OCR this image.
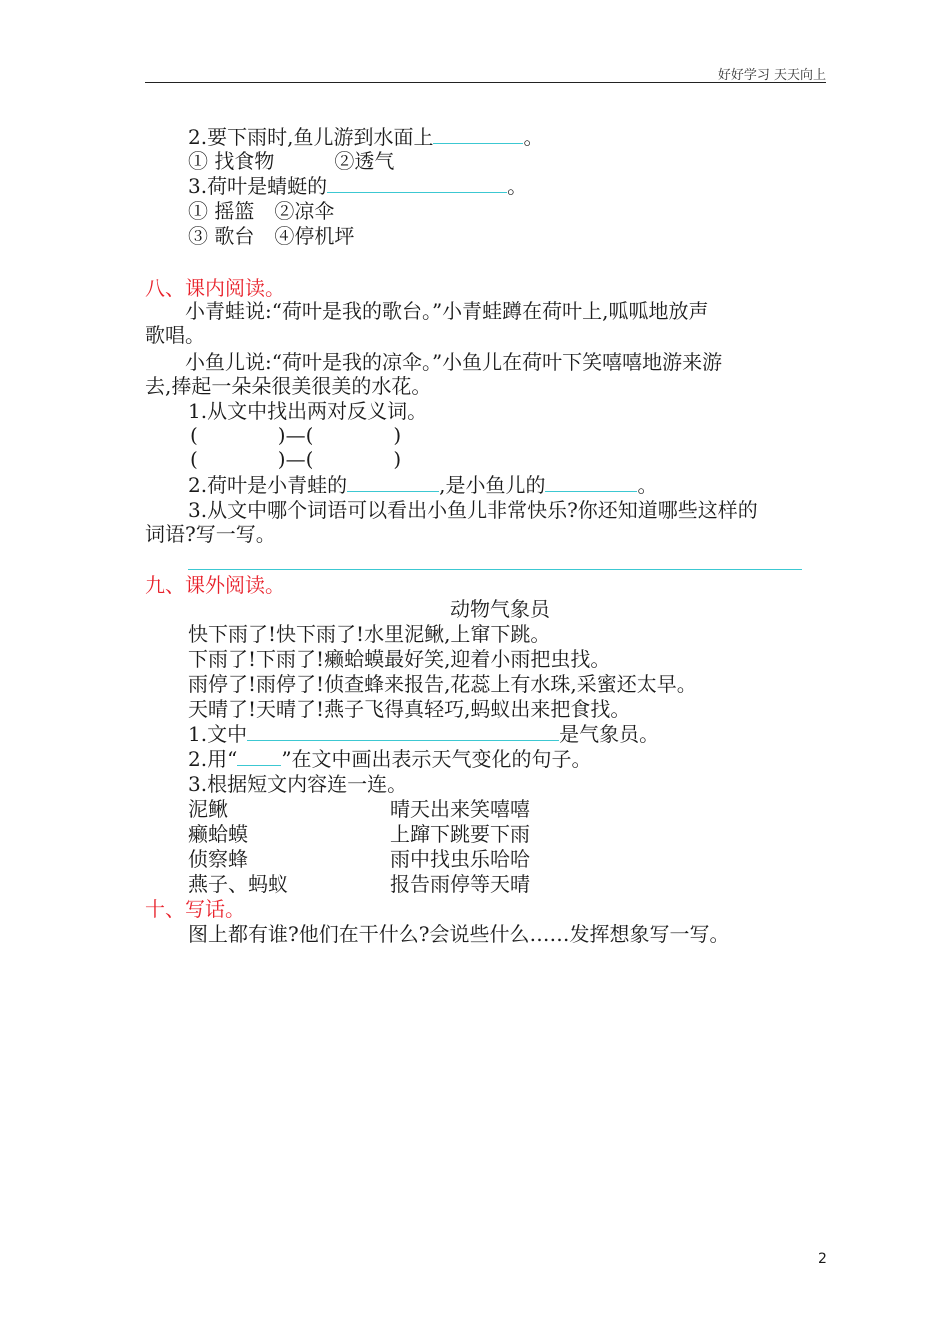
好好学习 天天向上
2.要下雨时,鱼儿游到水面上	。
① 找食物　　　②透气
3.荷叶是蜻蜓的	。
① 摇篮　②凉伞
③ 歌台　④停机坪
八、课内阅读。
　　小青蛙说:“荷叶是我的歌台。”小青蛙蹲在荷叶上,呱呱地放声
歌唱。
　　小鱼儿说:“荷叶是我的凉伞。”小鱼儿在荷叶下笑嘻嘻地游来游
去,捧起一朵朵很美很美的水花。
1.从文中找出两对反义词。
(　　　　)—(　　　　)
(　　　　)—(　　　　)
2.荷叶是小青蛙的	,是小鱼儿的	。
3.从文中哪个词语可以看出小鱼儿非常快乐?你还知道哪些这样的
词语?写一写。
九、课外阅读。
动物气象员
快下雨了!快下雨了!水里泥鳅,上窜下跳。
下雨了!下雨了!癞蛤蟆最好笑,迎着小雨把虫找。
雨停了!雨停了!侦查蜂来报告,花蕊上有水珠,采蜜还太早。
天晴了!天晴了!燕子飞得真轻巧,蚂蚁出来把食找。
1.文中	是气象员。
2.用“ ”在文中画出表示天气变化的句子。
3.根据短文内容连一连。
泥鳅	晴天出来笑嘻嘻
癞蛤蟆	上蹿下跳要下雨
侦察蜂	雨中找虫乐哈哈
燕子、蚂蚁	报告雨停等天晴
十、写话。
图上都有谁?他们在干什么?会说些什么……发挥想象写一写。
2
